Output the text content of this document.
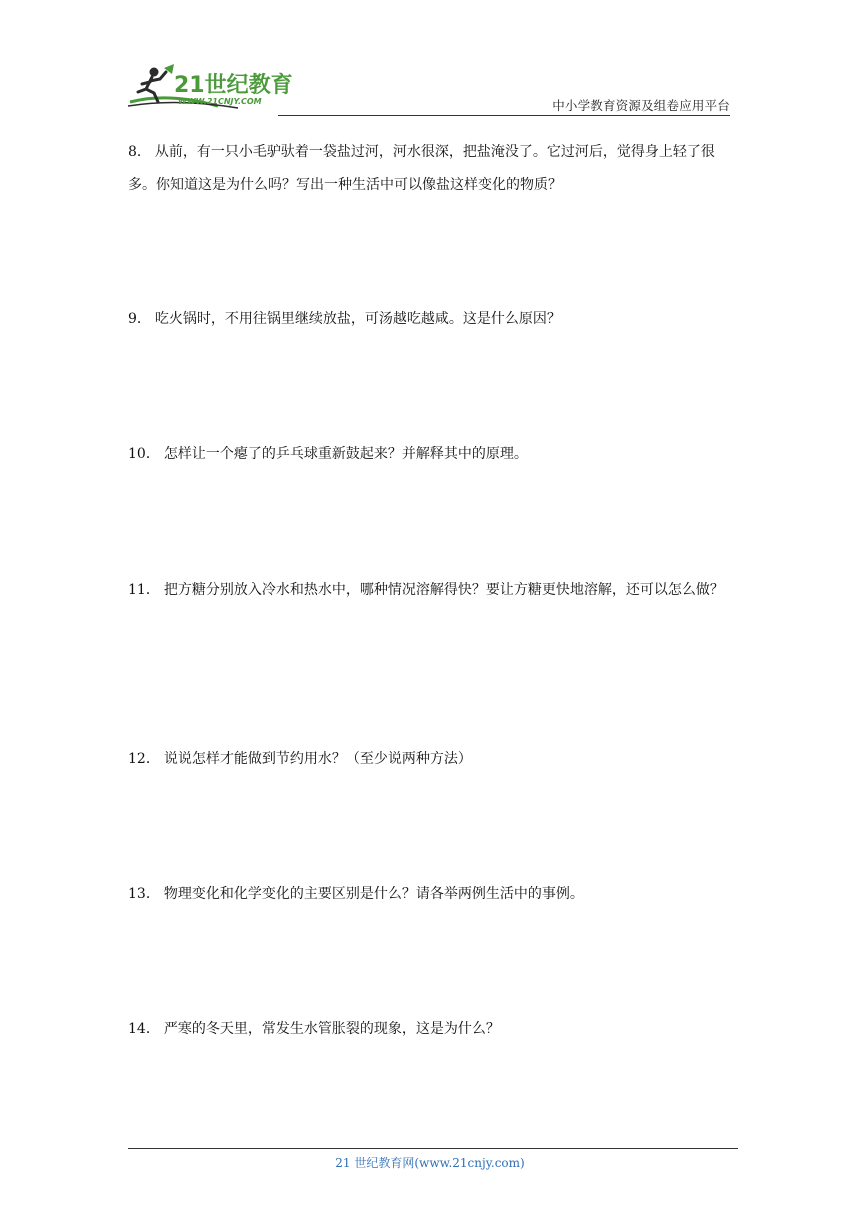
21世纪教育
WWW.21CNJY.COM	中小学教育资源及组卷应用平台
8． 从前，有一只小毛驴驮着一袋盐过河，河水很深，把盐淹没了。它过河后，觉得身上轻了很多。你知道这是为什么吗？写出一种生活中可以像盐这样变化的物质？
9． 吃火锅时，不用往锅里继续放盐，可汤越吃越咸。这是什么原因？
10． 怎样让一个瘪了的乒乓球重新鼓起来？并解释其中的原理。
11． 把方糖分别放入冷水和热水中，哪种情况溶解得快？要让方糖更快地溶解，还可以怎么做？
12． 说说怎样才能做到节约用水？（至少说两种方法）
13． 物理变化和化学变化的主要区别是什么？请各举两例生活中的事例。
14． 严寒的冬天里，常发生水管胀裂的现象，这是为什么？
21 世纪教育网(www.21cnjy.com)
